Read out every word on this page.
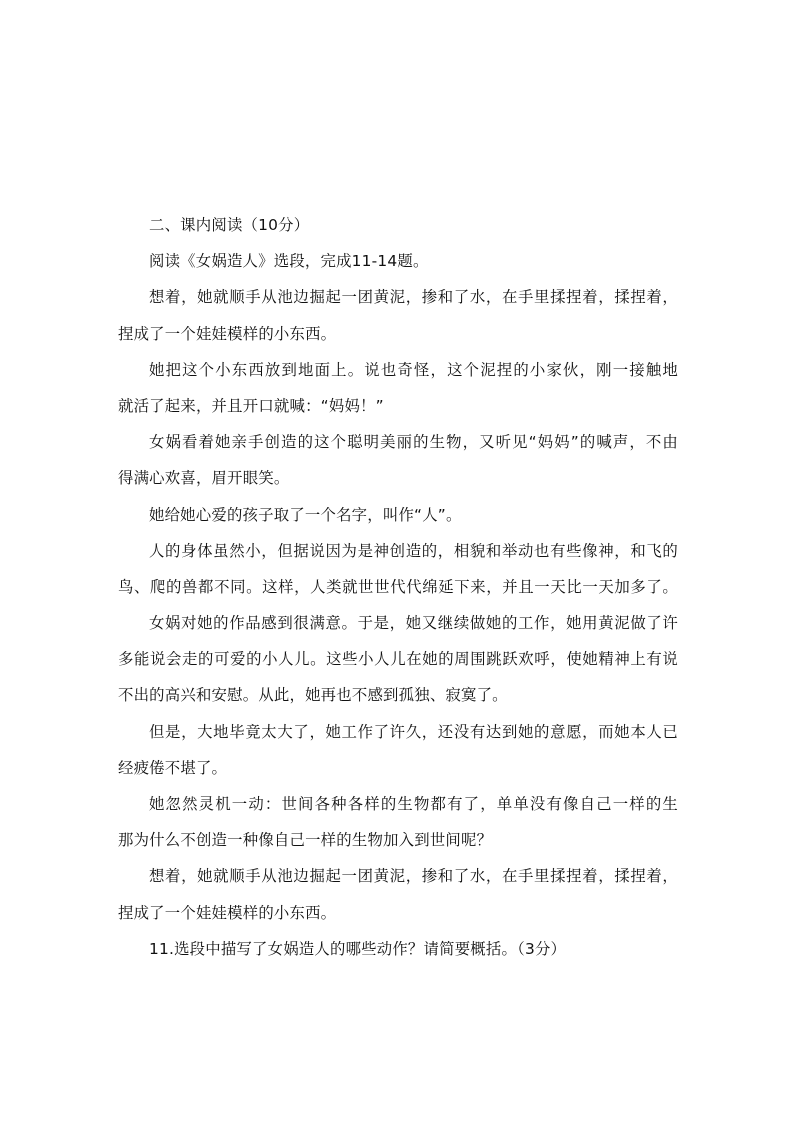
二、课内阅读（10分）
阅读《女娲造人》选段，完成11-14题。
想着，她就顺手从池边掘起一团黄泥，掺和了水，在手里揉捏着，揉捏着，
捏成了一个娃娃模样的小东西。
她把这个小东西放到地面上。说也奇怪，这个泥捏的小家伙，刚一接触地
就活了起来，并且开口就喊：“妈妈！”
女娲看着她亲手创造的这个聪明美丽的生物，又听见“妈妈”的喊声，不由
得满心欢喜，眉开眼笑。
她给她心爱的孩子取了一个名字，叫作“人”。
人的身体虽然小，但据说因为是神创造的，相貌和举动也有些像神，和飞的
鸟、爬的兽都不同。这样，人类就世世代代绵延下来，并且一天比一天加多了。
女娲对她的作品感到很满意。于是，她又继续做她的工作，她用黄泥做了许
多能说会走的可爱的小人儿。这些小人儿在她的周围跳跃欢呼，使她精神上有说
不出的高兴和安慰。从此，她再也不感到孤独、寂寞了。
但是，大地毕竟太大了，她工作了许久，还没有达到她的意愿，而她本人已
经疲倦不堪了。
她忽然灵机一动：世间各种各样的生物都有了，单单没有像自己一样的生
那为什么不创造一种像自己一样的生物加入到世间呢？
想着，她就顺手从池边掘起一团黄泥，掺和了水，在手里揉捏着，揉捏着，
捏成了一个娃娃模样的小东西。
11.选段中描写了女娲造人的哪些动作？请简要概括。（3分）
